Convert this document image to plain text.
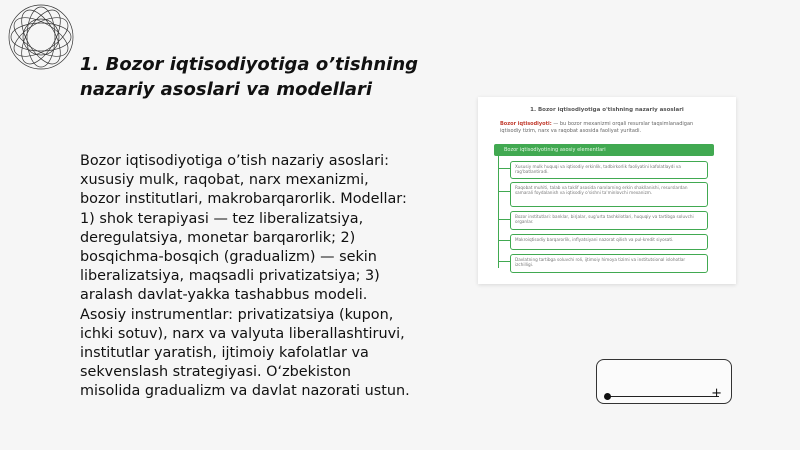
1. Bozor iqtisodiyotiga o’tishning nazariy asoslari va modellari
Bozor iqtisodiyotiga o’tish nazariy asoslari: xususiy mulk, raqobat, narx mexanizmi, bozor institutlari, makrobarqarorlik. Modellar: 1) shok terapiyasi — tez liberalizatsiya, deregulatsiya, monetar barqarorlik; 2) bosqichma-bosqich (gradualizm) — sekin liberalizatsiya, maqsadli privatizatsiya; 3) aralash davlat-yakka tashabbus modeli. Asosiy instrumentlar: privatizatsiya (kupon, ichki sotuv), narx va valyuta liberallashtiruvi, institutlar yaratish, ijtimoiy kafolatlar va sekvenslash strategiyasi. O‘zbekiston misolida gradualizm va davlat nazorati ustun.
1. Bozor iqtisodiyotiga o'tishning nazariy asoslari
Bozor iqtisodiyoti: — bu bozor mexanizmi orqali resurslar taqsimlanadigan iqtisodiy tizim, narx va raqobat asosida faoliyat yuritadi.
Bozor iqtisodiyotining asosiy elementlari
Xususiy mulk huquqi va iqtisodiy erkinlik, tadbirkorlik faoliyatini kafolatlaydi va rag'batlantiradi.
Raqobat muhiti, talab va taklif asosida narxlarning erkin shakllanishi, resurslardan samarali foydalanish va iqtisodiy o'sishni ta'minlovchi mexanizm.
Bozor institutlari: banklar, birjalar, sug'urta tashkilotlari, huquqiy va tartibga soluvchi organlar.
Makroiqtisodiy barqarorlik, inflyatsiyani nazorat qilish va pul-kredit siyosati.
Davlatning tartibga soluvchi roli, ijtimoiy himoya tizimi va institutsional islohotlar izchilligi.
+
